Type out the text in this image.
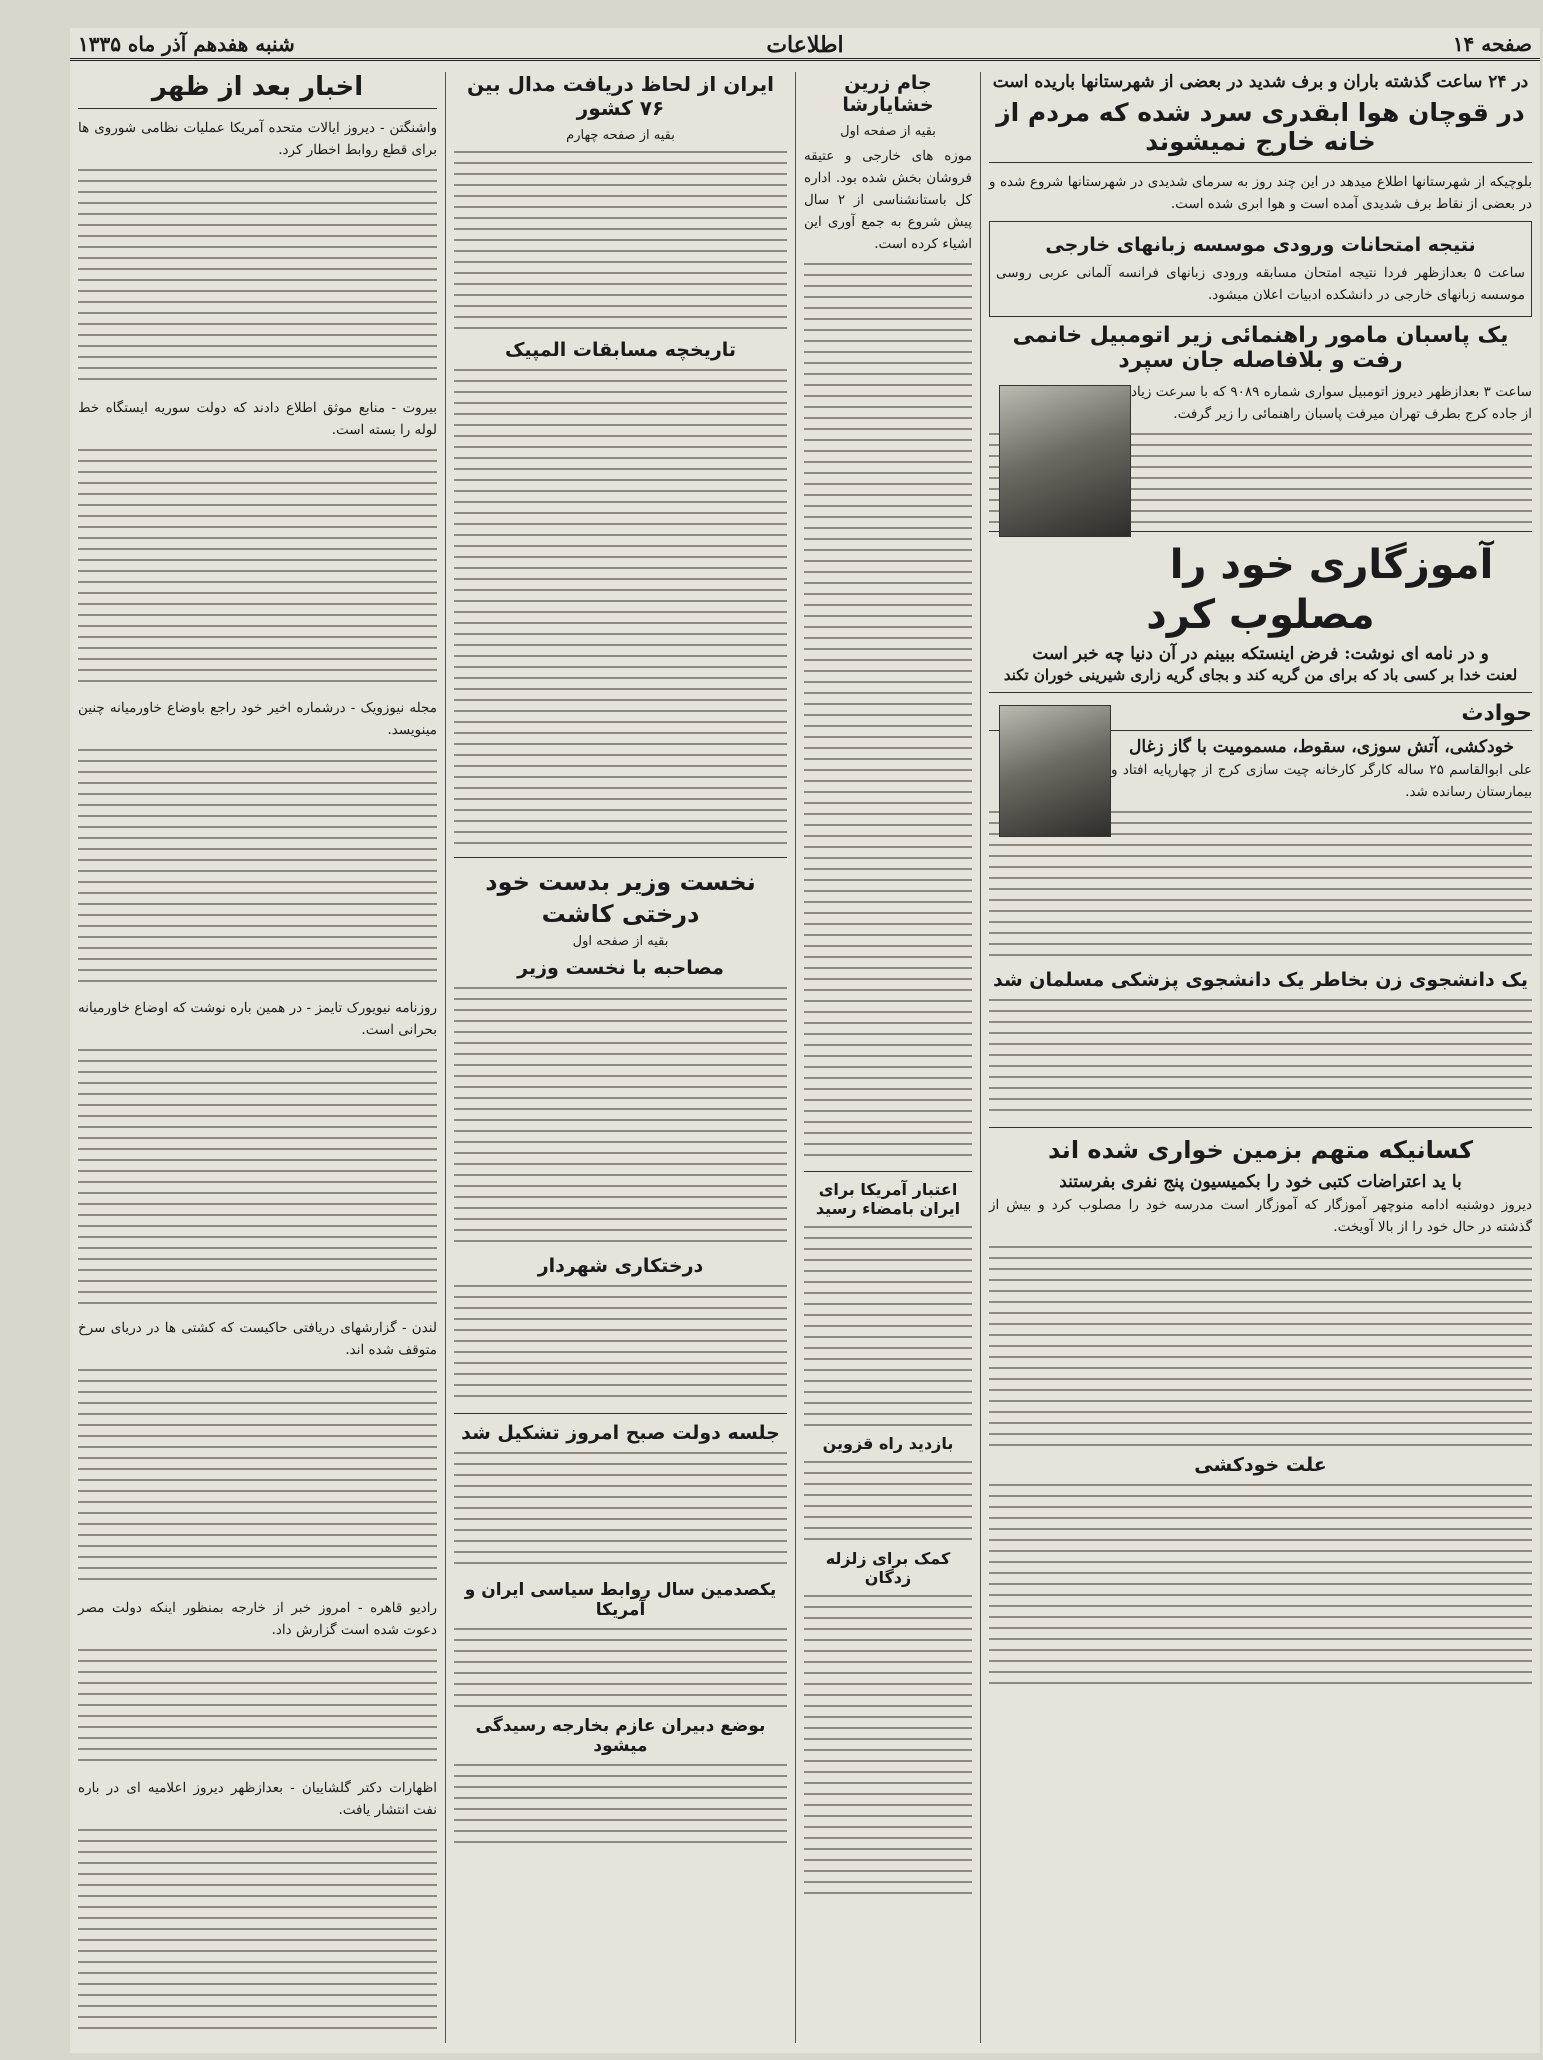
صفحه ۱۴
اطلاعات
شنبه هفدهم آذر ماه ۱۳۳۵
در ۲۴ ساعت گذشته باران و برف شدید در بعضی از شهرستانها باریده است
در قوچان هوا ابقدری سرد شده که مردم از خانه خارج نمیشوند

بلوچیکه از شهرستانها اطلاع میدهد در این چند روز به سرمای شدیدی در شهرستانها شروع شده و در بعضی از نقاط برف شدیدی آمده است و هوا ابری شده است.

نتیجه امتحانات ورودی موسسه زبانهای خارجی

ساعت ۵ بعدازظهر فردا نتیجه امتحان مسابقه ورودی زبانهای فرانسه آلمانی عربی روسی موسسه زبانهای خارجی در دانشکده ادبیات اعلان میشود.

یک پاسبان مامور راهنمائی زیر اتومبیل خانمی رفت و بلافاصله جان سپرد

ساعت ۳ بعدازظهر دیروز اتومبیل سواری شماره ۹۰۸۹ که با سرعت زیاد از جاده کرج بطرف تهران میرفت پاسبان راهنمائی را زیر گرفت.

آموزگاری خود را مصلوب کرد
و در نامه ای نوشت: فرض اینستکه ببینم در آن دنیا چه خبر است
لعنت خدا بر کسی باد که برای من گریه کند و بجای گریه زاری شیرینی خوران تکند
حوادث
خودکشی، آتش سوزی، سقوط، مسمومیت با گاز زغال

علی ابوالقاسم ۲۵ ساله کارگر کارخانه چیت سازی کرج از چهارپایه افتاد و بیمارستان رسانده شد.

یک دانشجوی زن بخاطر یک دانشجوی پزشکی مسلمان شد
کسانیکه متهم بزمین خواری شده اند
با ید اعتراضات کتبی خود را بکمیسیون پنج نفری بفرستند

دیروز دوشنبه ادامه منوچهر آموزگار که آموزگار است مدرسه خود را مصلوب کرد و بیش از گذشته در حال خود را از بالا آویخت.

علت خودکشی
جام زرین خشایارشا
بقیه از صفحه اول

موزه های خارجی و عتیقه فروشان بخش شده بود. اداره کل باستانشناسی از ۲ سال پیش شروع به جمع آوری این اشیاء کرده است.

اعتبار آمریکا برای ایران بامضاء رسید
بازدید راه قزوین
کمک برای زلزله زدگان
ایران از لحاظ دریافت مدال بین ۷۶ کشور
بقیه از صفحه چهارم
تاریخچه مسابقات المپیک
نخست وزیر بدست خود درختی کاشت
بقیه از صفحه اول
مصاحبه با نخست وزیر
درختکاری شهردار
جلسه دولت صبح امروز تشکیل شد
یکصدمین سال روابط سیاسی ایران و آمریکا
بوضع دبیران عازم بخارجه رسیدگی میشود
اخبار بعد از ظهر

واشنگتن - دیروز ایالات متحده آمریکا عملیات نظامی شوروی ها برای قطع روابط اخطار کرد.

بیروت - منابع موثق اطلاع دادند که دولت سوریه ایستگاه خط لوله را بسته است.

مجله نیوزویک - درشماره اخیر خود راجع باوضاع خاورمیانه چنین مینویسد.

روزنامه نیویورک تایمز - در همین باره نوشت که اوضاع خاورمیانه بحرانی است.

لندن - گزارشهای دریافتی حاکیست که کشتی ها در دریای سرخ متوقف شده اند.

رادیو قاهره - امروز خبر از خارجه بمنظور اینکه دولت مصر دعوت شده است گزارش داد.

اظهارات دکتر گلشاییان - بعدازظهر دیروز اعلامیه ای در باره نفت انتشار یافت.
